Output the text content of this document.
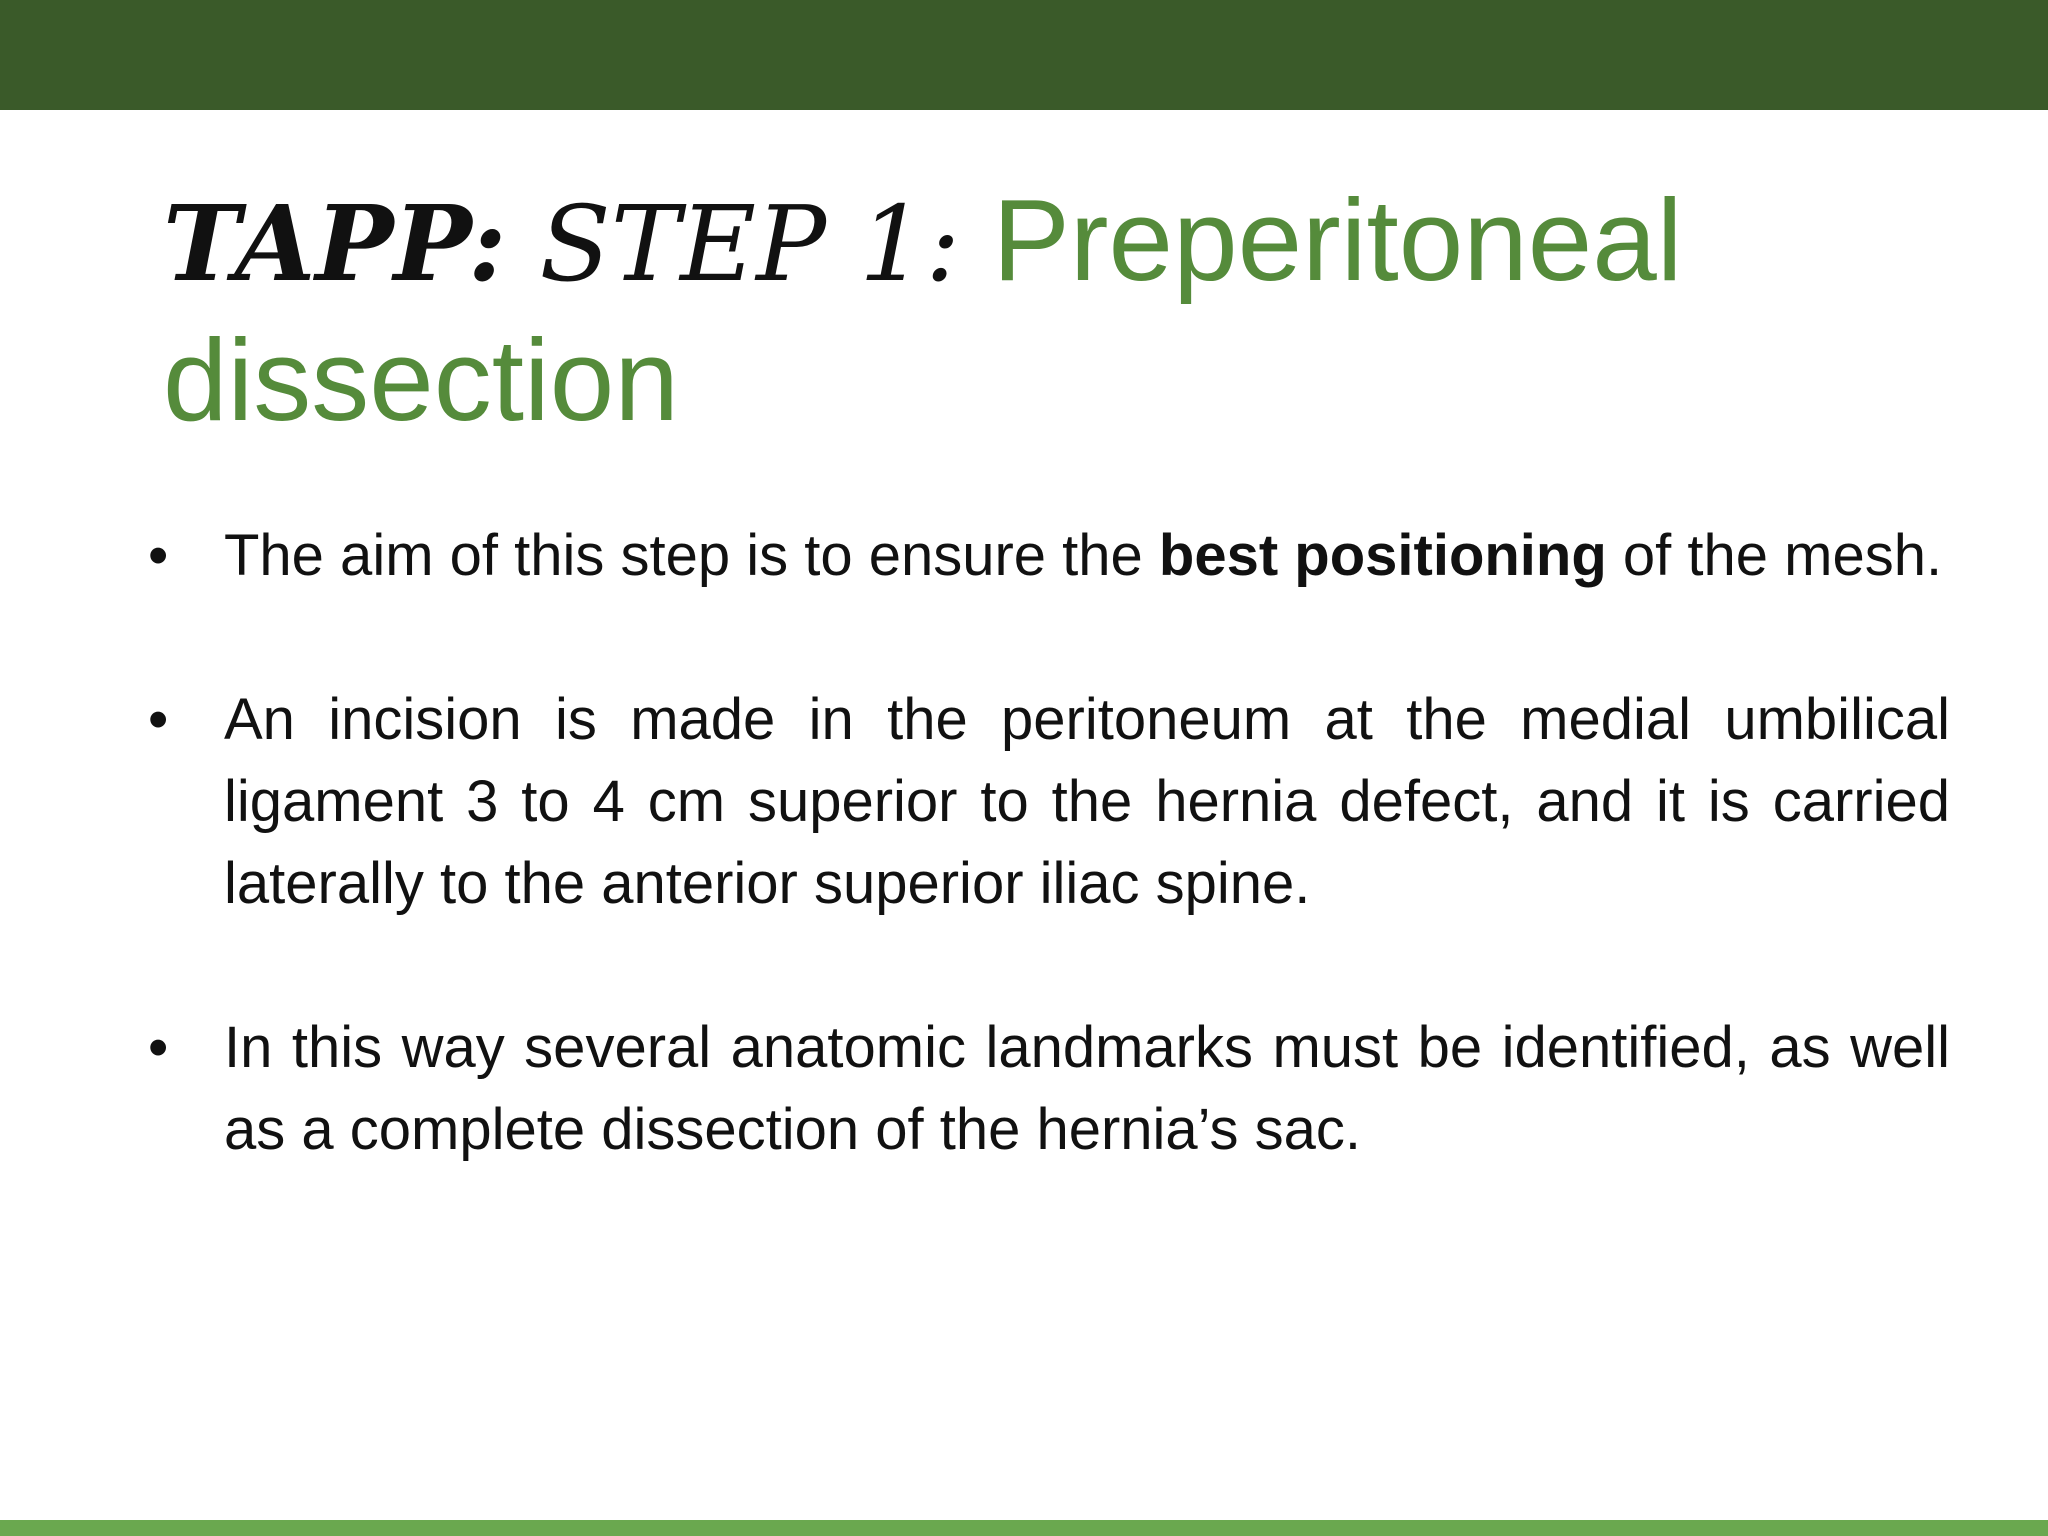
TAPP: STEP 1: Preperitoneal dissection
• The aim of this step is to ensure the best positioning of the mesh.
• An incision is made in the peritoneum at the medial umbilical ligament 3 to 4 cm superior to the hernia defect, and it is carried laterally to the anterior superior iliac spine.
• In this way several anatomic landmarks must be identified, as well as a complete dissection of the hernia’s sac.
